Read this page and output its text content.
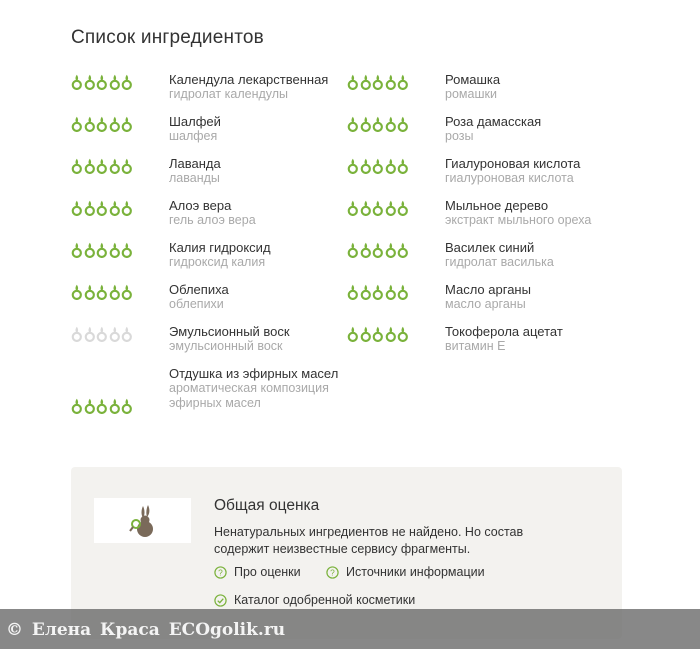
Список ингредиентов
Календула лекарственная
гидролат календулы
Шалфей
шалфея
Лаванда
лаванды
Алоэ вера
гель алоэ вера
Калия гидроксид
гидроксид калия
Облепиха
облепихи
Эмульсионный воск
эмульсионный воск
Отдушка из эфирных масел
ароматическая композиция эфирных масел
Ромашка
ромашки
Роза дамасская
розы
Гиалуроновая кислота
гиалуроновая кислота
Мыльное дерево
экстракт мыльного ореха
Василек синий
гидролат василька
Масло арганы
масло арганы
Токоферола ацетат
витамин Е
Общая оценка
Ненатуральных ингредиентов не найдено. Но состав содержит неизвестные сервису фрагменты.
? Про оценки	? Источники информации
Каталог одобренной косметики
© Елена Краса ECOgolik.ru
